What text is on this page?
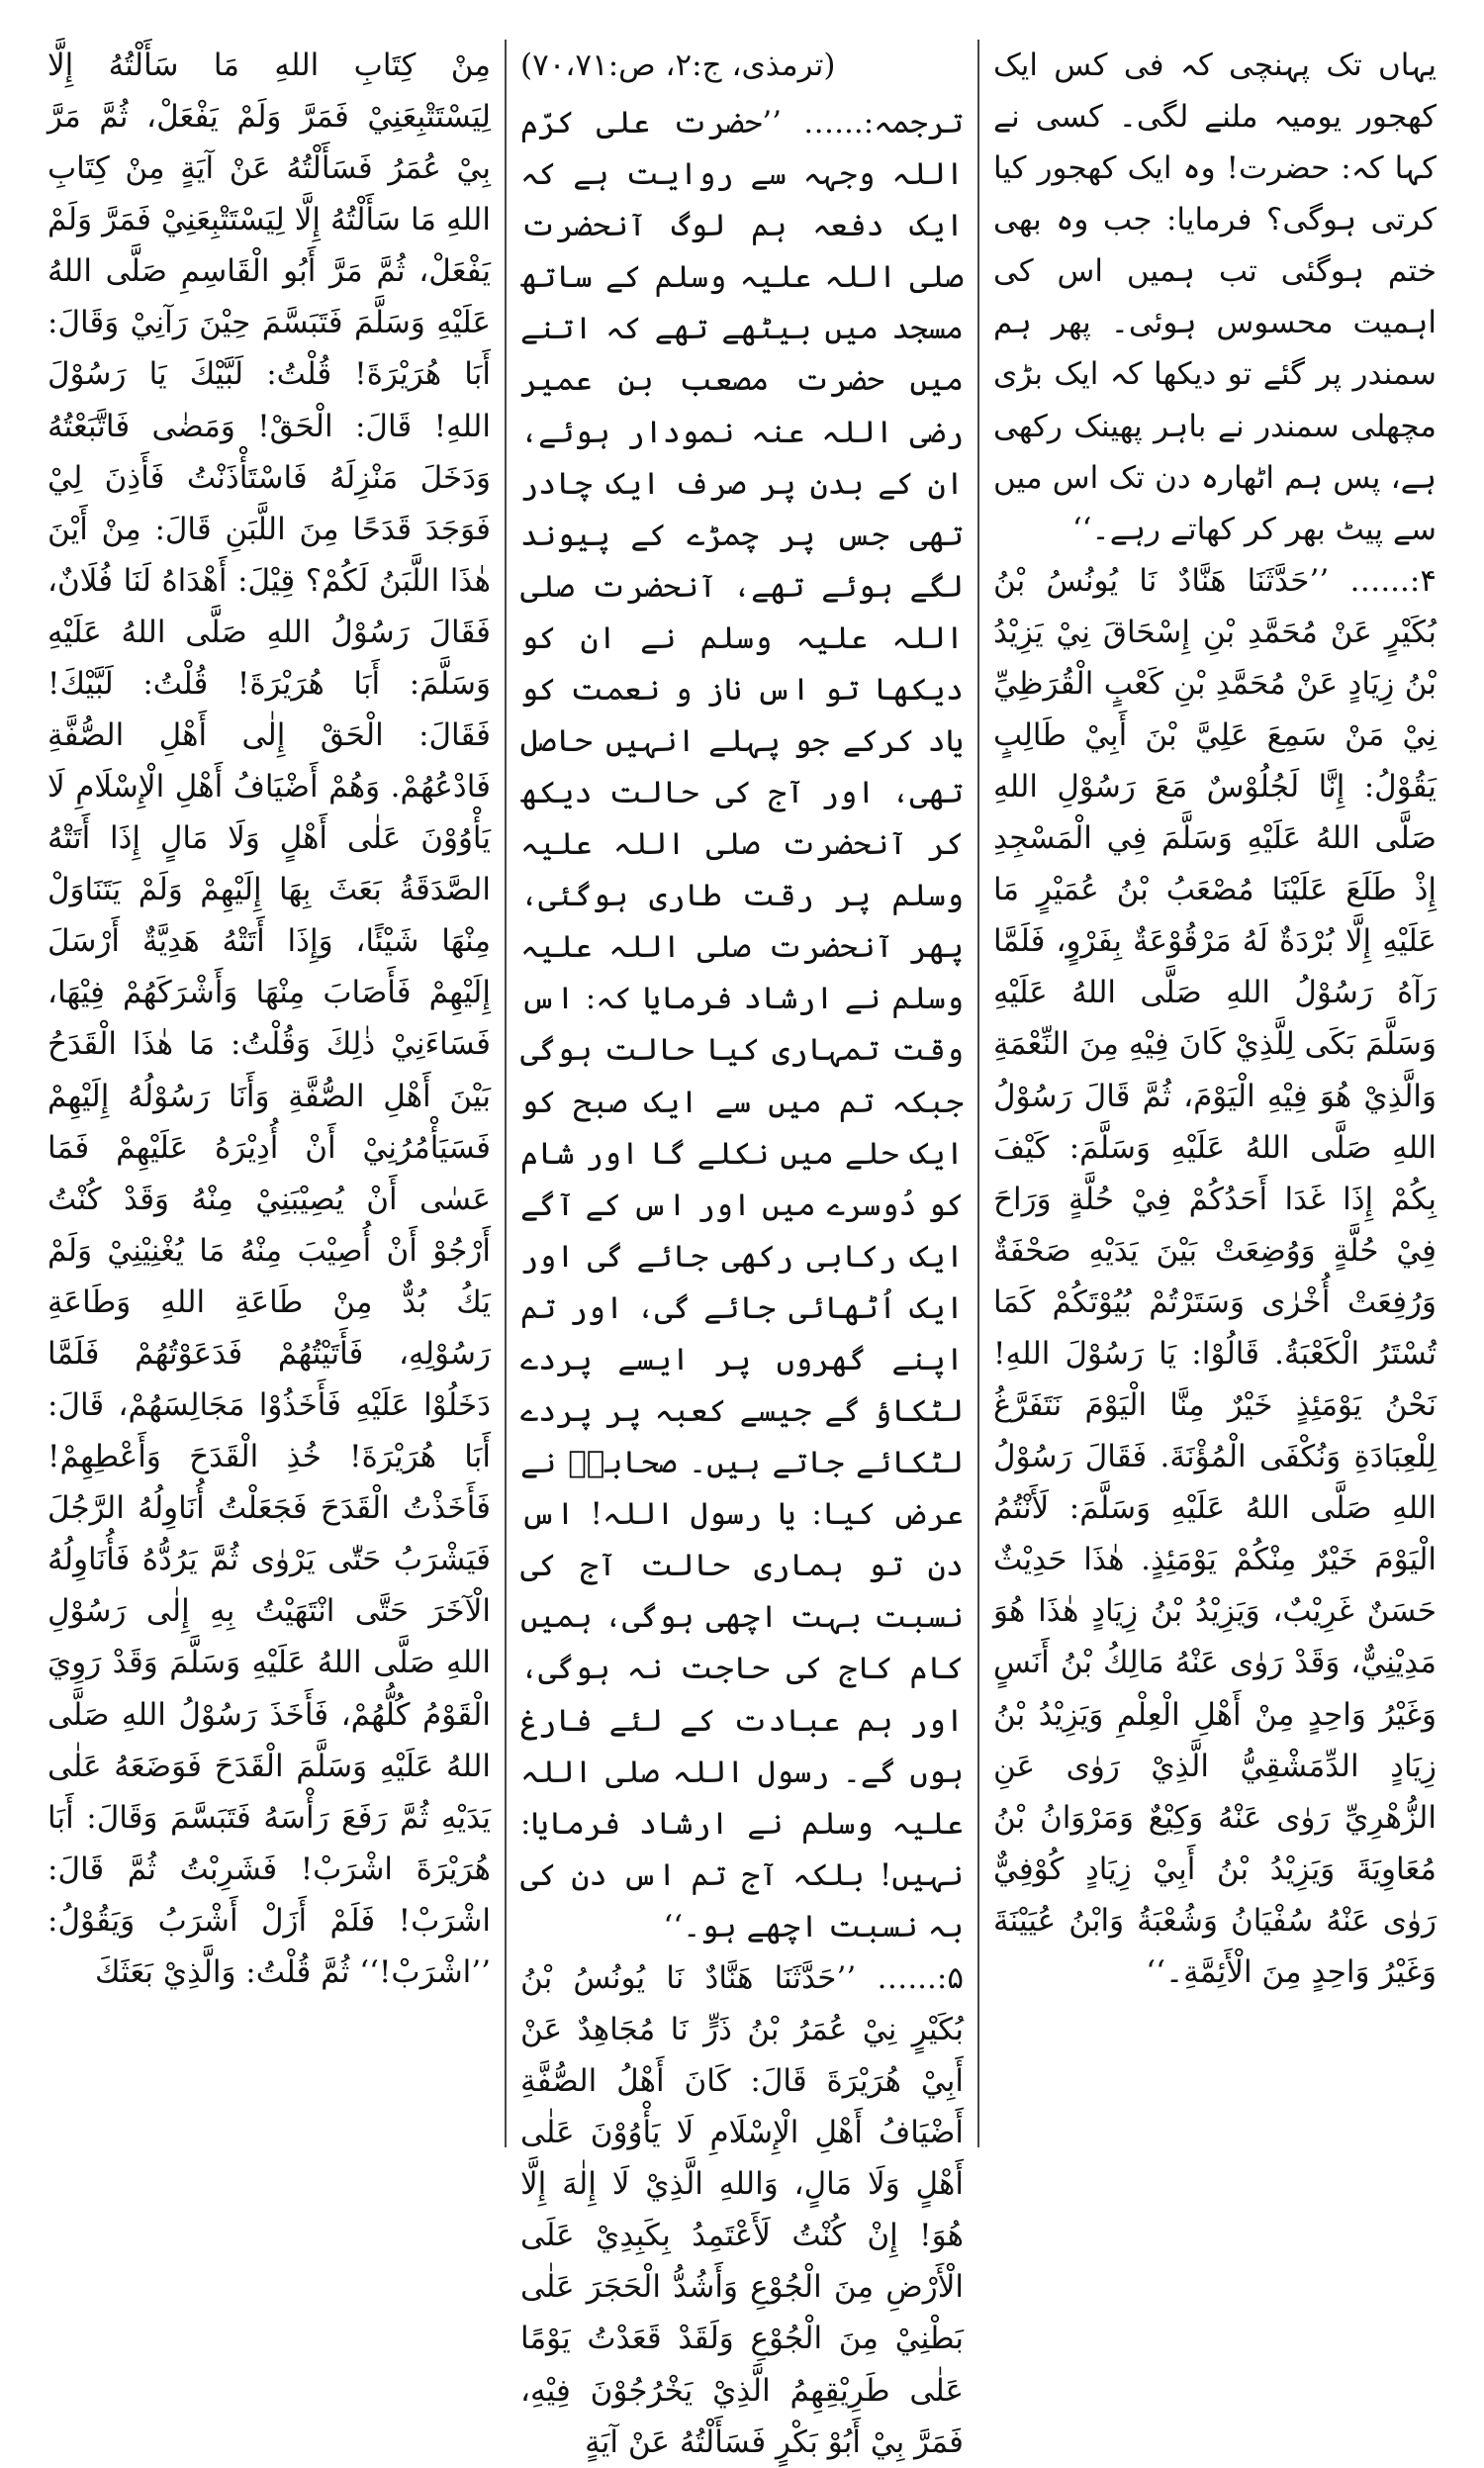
یہاں تک پہنچی کہ فی کس ایک کھجور یومیہ ملنے لگی۔ کسی نے کہا کہ: حضرت! وہ ایک کھجور کیا کرتی ہوگی؟ فرمایا: جب وہ بھی ختم ہوگئی تب ہمیں اس کی اہمیت محسوس ہوئی۔ پھر ہم سمندر پر گئے تو دیکھا کہ ایک بڑی مچھلی سمندر نے باہر پھینک رکھی ہے، پس ہم اٹھارہ دن تک اس میں سے پیٹ بھر کر کھاتے رہے۔‘‘

۴:...… ’’حَدَّثَنَا هَنَّادٌ نَا يُونُسُ بْنُ بُكَيْرٍ عَنْ مُحَمَّدِ بْنِ إِسْحَاقَ نِيْ يَزِيْدُ بْنُ زِيَادٍ عَنْ مُحَمَّدِ بْنِ كَعْبٍ الْقُرَظِيِّ نِيْ مَنْ سَمِعَ عَلِيَّ بْنَ أَبِيْ طَالِبٍ يَقُوْلُ: إِنَّا لَجُلُوْسٌ مَعَ رَسُوْلِ اللهِ صَلَّى اللهُ عَلَيْهِ وَسَلَّمَ فِي الْمَسْجِدِ إِذْ طَلَعَ عَلَيْنَا مُصْعَبُ بْنُ عُمَيْرٍ مَا عَلَيْهِ إِلَّا بُرْدَةٌ لَهُ مَرْقُوْعَةٌ بِفَرْوٍ، فَلَمَّا رَآهُ رَسُوْلُ اللهِ صَلَّى اللهُ عَلَيْهِ وَسَلَّمَ بَكَى لِلَّذِيْ كَانَ فِيْهِ مِنَ النِّعْمَةِ وَالَّذِيْ هُوَ فِيْهِ الْيَوْمَ، ثُمَّ قَالَ رَسُوْلُ اللهِ صَلَّى اللهُ عَلَيْهِ وَسَلَّمَ: كَيْفَ بِكُمْ إِذَا غَدَا أَحَدُكُمْ فِيْ حُلَّةٍ وَرَاحَ فِيْ حُلَّةٍ وَوُضِعَتْ بَيْنَ يَدَيْهِ صَحْفَةٌ وَرُفِعَتْ أُخْرٰى وَسَتَرْتُمْ بُيُوْتَكُمْ كَمَا تُسْتَرُ الْكَعْبَةُ. قَالُوْا: يَا رَسُوْلَ اللهِ! نَحْنُ يَوْمَئِذٍ خَيْرٌ مِنَّا الْيَوْمَ نَتَفَرَّغُ لِلْعِبَادَةِ وَنُكْفَى الْمُؤْنَةَ. فَقَالَ رَسُوْلُ اللهِ صَلَّى اللهُ عَلَيْهِ وَسَلَّمَ: لَأَنْتُمُ الْيَوْمَ خَيْرٌ مِنْكُمْ يَوْمَئِذٍ. هٰذَا حَدِيْثٌ حَسَنٌ غَرِيْبٌ، وَيَزِيْدُ بْنُ زِيَادٍ هٰذَا هُوَ مَدِيْنِيٌّ، وَقَدْ رَوٰى عَنْهُ مَالِكُ بْنُ أَنَسٍ وَغَيْرُ وَاحِدٍ مِنْ أَهْلِ الْعِلْمِ وَيَزِيْدُ بْنُ زِيَادٍ الدِّمَشْقِيُّ الَّذِيْ رَوٰى عَنِ الزُّهْرِيِّ رَوٰى عَنْهُ وَكِيْعٌ وَمَرْوَانُ بْنُ مُعَاوِيَةَ وَيَزِيْدُ بْنُ أَبِيْ زِيَادٍ كُوْفِيٌّ رَوٰى عَنْهُ سُفْيَانُ وَشُعْبَةُ وَابْنُ عُيَيْنَةَ وَغَيْرُ وَاحِدٍ مِنَ الْأَئِمَّةِ۔‘‘

(ترمذی، ج:۲، ص:۷۰،۷۱)

ترجمہ:...… ’’حضرت علی کرّم اللہ وجہہ سے روایت ہے کہ ایک دفعہ ہم لوگ آنحضرت صلی اللہ علیہ وسلم کے ساتھ مسجد میں بیٹھے تھے کہ اتنے میں حضرت مصعب بن عمیر رضی اللہ عنہ نمودار ہوئے، ان کے بدن پر صرف ایک چادر تھی جس پر چمڑے کے پیوند لگے ہوئے تھے، آنحضرت صلی اللہ علیہ وسلم نے ان کو دیکھا تو اس ناز و نعمت کو یاد کرکے جو پہلے انہیں حاصل تھی، اور آج کی حالت دیکھ کر آنحضرت صلی اللہ علیہ وسلم پر رقت طاری ہوگئی، پھر آنحضرت صلی اللہ علیہ وسلم نے ارشاد فرمایا کہ: اس وقت تمہاری کیا حالت ہوگی جبکہ تم میں سے ایک صبح کو ایک حلے میں نکلے گا اور شام کو دُوسرے میں اور اس کے آگے ایک رکابی رکھی جائے گی اور ایک اُٹھائی جائے گی، اور تم اپنے گھروں پر ایسے پردے لٹکاؤ گے جیسے کعبہ پر پردے لٹکائے جاتے ہیں۔ صحابہؓ نے عرض کیا: یا رسول اللہ! اس دن تو ہماری حالت آج کی نسبت بہت اچھی ہوگی، ہمیں کام کاج کی حاجت نہ ہوگی، اور ہم عبادت کے لئے فارغ ہوں گے۔ رسول اللہ صلی اللہ علیہ وسلم نے ارشاد فرمایا: نہیں! بلکہ آج تم اس دن کی بہ نسبت اچھے ہو۔‘‘

۵:...… ’’حَدَّثَنَا هَنَّادٌ نَا يُونُسُ بْنُ بُكَيْرٍ نِيْ عُمَرُ بْنُ ذَرٍّ نَا مُجَاهِدٌ عَنْ أَبِيْ هُرَيْرَةَ قَالَ: كَانَ أَهْلُ الصُّفَّةِ أَضْيَافُ أَهْلِ الْإِسْلَامِ لَا يَأْوُوْنَ عَلٰى أَهْلٍ وَلَا مَالٍ، وَاللهِ الَّذِيْ لَا إِلٰهَ إِلَّا هُوَ! إِنْ كُنْتُ لَأَعْتَمِدُ بِكَبِدِيْ عَلَى الْأَرْضِ مِنَ الْجُوْعِ وَأَشُدُّ الْحَجَرَ عَلٰى بَطْنِيْ مِنَ الْجُوْعِ وَلَقَدْ قَعَدْتُ يَوْمًا عَلٰى طَرِيْقِهِمُ الَّذِيْ يَخْرُجُوْنَ فِيْهِ، فَمَرَّ بِيْ أَبُوْ بَكْرٍ فَسَأَلْتُهُ عَنْ آيَةٍ

مِنْ كِتَابِ اللهِ مَا سَأَلْتُهُ إِلَّا لِيَسْتَتْبِعَنِيْ فَمَرَّ وَلَمْ يَفْعَلْ، ثُمَّ مَرَّ بِيْ عُمَرُ فَسَأَلْتُهُ عَنْ آيَةٍ مِنْ كِتَابِ اللهِ مَا سَأَلْتُهُ إِلَّا لِيَسْتَتْبِعَنِيْ فَمَرَّ وَلَمْ يَفْعَلْ، ثُمَّ مَرَّ أَبُو الْقَاسِمِ صَلَّى اللهُ عَلَيْهِ وَسَلَّمَ فَتَبَسَّمَ حِيْنَ رَآنِيْ وَقَالَ: أَبَا هُرَيْرَةَ! قُلْتُ: لَبَّيْكَ يَا رَسُوْلَ اللهِ! قَالَ: الْحَقْ! وَمَضٰى فَاتَّبَعْتُهُ وَدَخَلَ مَنْزِلَهُ فَاسْتَأْذَنْتُ فَأَذِنَ لِيْ فَوَجَدَ قَدَحًا مِنَ اللَّبَنِ قَالَ: مِنْ أَيْنَ هٰذَا اللَّبَنُ لَكُمْ؟ قِيْلَ: أَهْدَاهُ لَنَا فُلَانٌ، فَقَالَ رَسُوْلُ اللهِ صَلَّى اللهُ عَلَيْهِ وَسَلَّمَ: أَبَا هُرَيْرَةَ! قُلْتُ: لَبَّيْكَ! فَقَالَ: الْحَقْ إِلٰى أَهْلِ الصُّفَّةِ فَادْعُهُمْ. وَهُمْ أَضْيَافُ أَهْلِ الْإِسْلَامِ لَا يَأْوُوْنَ عَلٰى أَهْلٍ وَلَا مَالٍ إِذَا أَتَتْهُ الصَّدَقَةُ بَعَثَ بِهَا إِلَيْهِمْ وَلَمْ يَتَنَاوَلْ مِنْهَا شَيْئًا، وَإِذَا أَتَتْهُ هَدِيَّةٌ أَرْسَلَ إِلَيْهِمْ فَأَصَابَ مِنْهَا وَأَشْرَكَهُمْ فِيْهَا، فَسَاءَنِيْ ذٰلِكَ وَقُلْتُ: مَا هٰذَا الْقَدَحُ بَيْنَ أَهْلِ الصُّفَّةِ وَأَنَا رَسُوْلُهُ إِلَيْهِمْ فَسَيَأْمُرُنِيْ أَنْ أُدِيْرَهُ عَلَيْهِمْ فَمَا عَسٰى أَنْ يُصِيْبَنِيْ مِنْهُ وَقَدْ كُنْتُ أَرْجُوْ أَنْ أُصِيْبَ مِنْهُ مَا يُغْنِيْنِيْ وَلَمْ يَكُ بُدٌّ مِنْ طَاعَةِ اللهِ وَطَاعَةِ رَسُوْلِهِ، فَأَتَيْتُهُمْ فَدَعَوْتُهُمْ فَلَمَّا دَخَلُوْا عَلَيْهِ فَأَخَذُوْا مَجَالِسَهُمْ، قَالَ: أَبَا هُرَيْرَةَ! خُذِ الْقَدَحَ وَأَعْطِهِمْ! فَأَخَذْتُ الْقَدَحَ فَجَعَلْتُ أُنَاوِلُهُ الرَّجُلَ فَيَشْرَبُ حَتّٰى يَرْوٰى ثُمَّ يَرُدُّهُ فَأُنَاوِلُهُ الْآخَرَ حَتَّى انْتَهَيْتُ بِهِ إِلٰى رَسُوْلِ اللهِ صَلَّى اللهُ عَلَيْهِ وَسَلَّمَ وَقَدْ رَوِيَ الْقَوْمُ كُلُّهُمْ، فَأَخَذَ رَسُوْلُ اللهِ صَلَّى اللهُ عَلَيْهِ وَسَلَّمَ الْقَدَحَ فَوَضَعَهُ عَلٰى يَدَيْهِ ثُمَّ رَفَعَ رَأْسَهُ فَتَبَسَّمَ وَقَالَ: أَبَا هُرَيْرَةَ اشْرَبْ! فَشَرِبْتُ ثُمَّ قَالَ: اشْرَبْ! فَلَمْ أَزَلْ أَشْرَبُ وَيَقُوْلُ: ’’اشْرَبْ!‘‘ ثُمَّ قُلْتُ: وَالَّذِيْ بَعَثَكَ
